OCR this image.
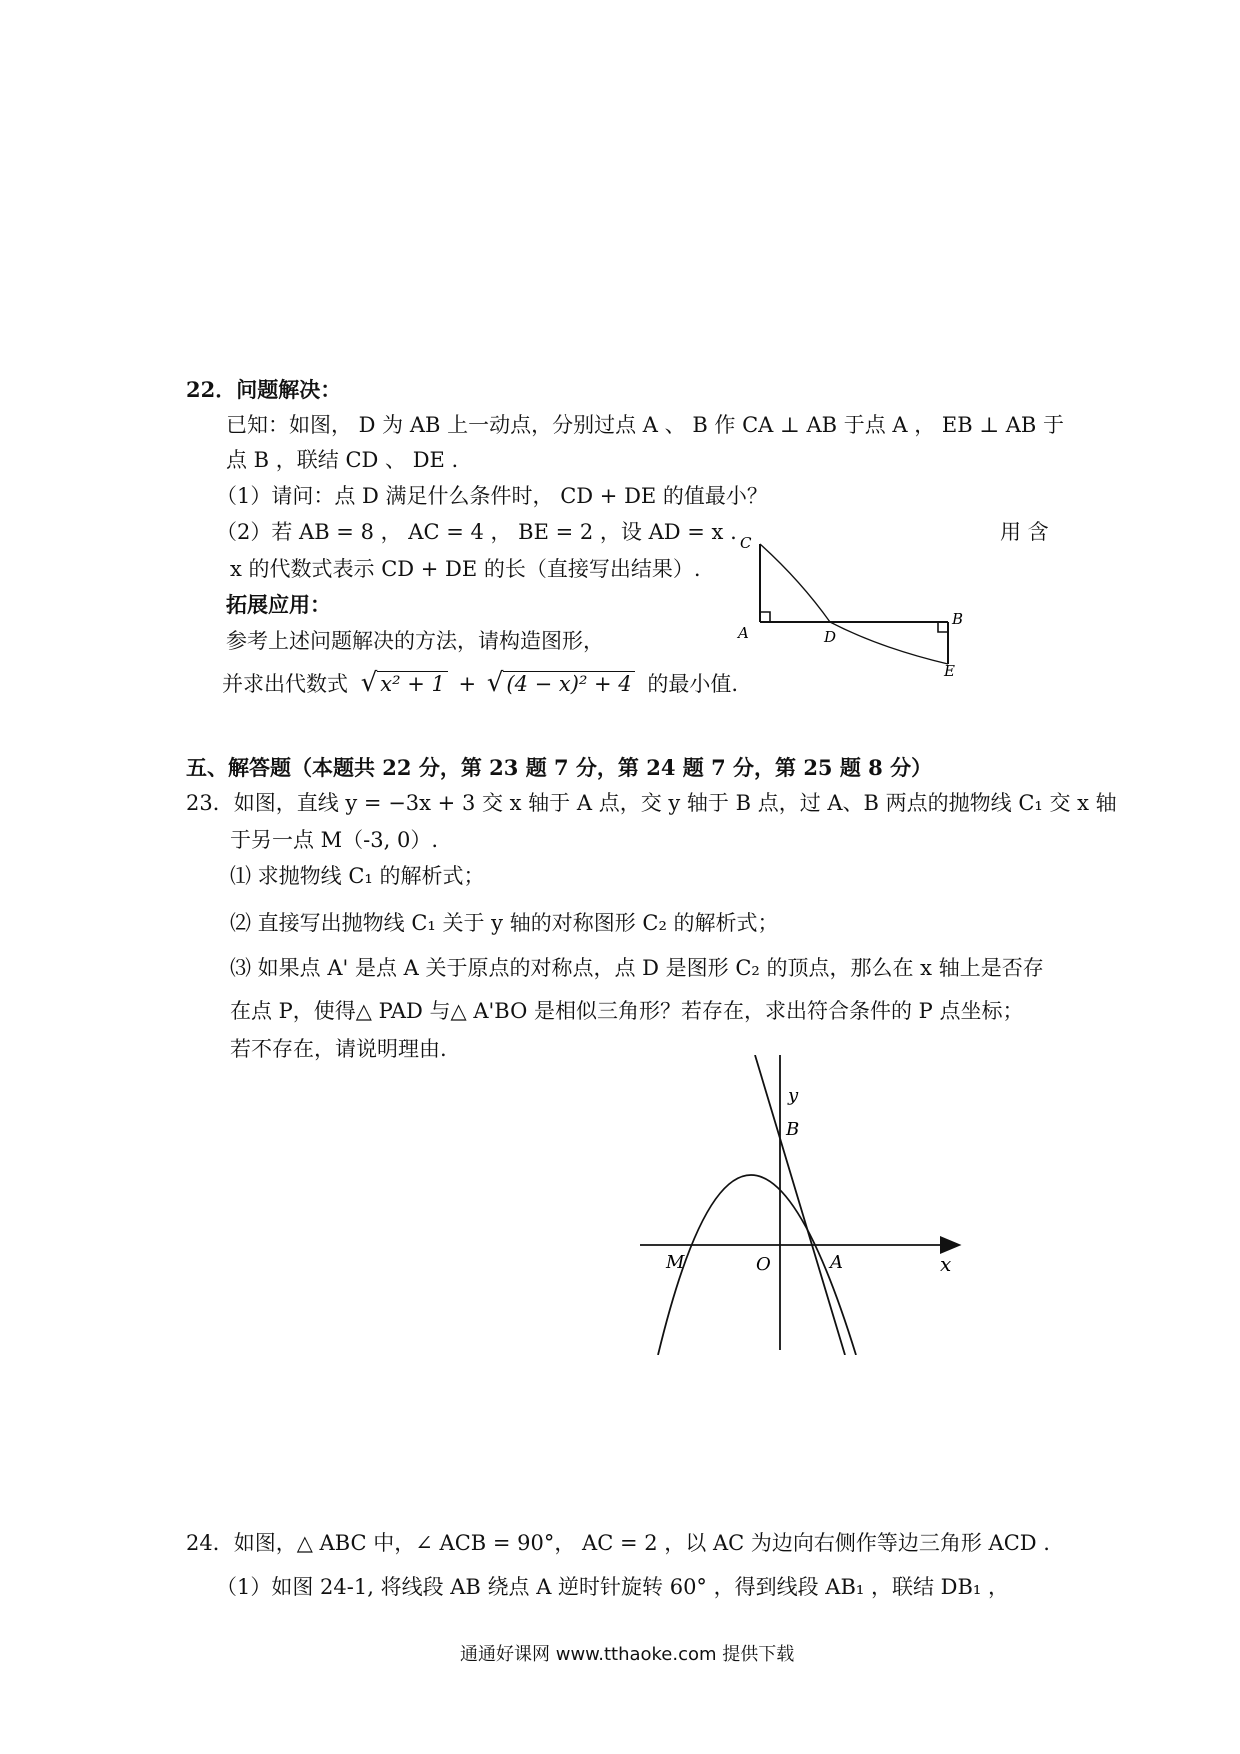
22．问题解决：
已知：如图， D 为 AB 上一动点，分别过点 A 、 B 作 CA ⊥ AB 于点 A ， EB ⊥ AB 于
点 B ，联结 CD 、 DE .
（1）请问：点 D 满足什么条件时， CD + DE 的值最小？
（2）若 AB = 8 ， AC = 4 ， BE = 2 ，设 AD = x .	用 含
x 的代数式表示 CD + DE 的长（直接写出结果）.
拓展应用：
参考上述问题解决的方法，请构造图形，
并求出代数式 √ x² + 1 + √ (4 − x)² + 4 的最小值.
C
A	D
B
E
五、解答题（本题共 22 分，第 23 题 7 分，第 24 题 7 分，第 25 题 8 分）
23．如图，直线 y = −3x + 3 交 x 轴于 A 点，交 y 轴于 B 点，过 A、B 两点的抛物线 C₁ 交 x 轴
于另一点 M（-3, 0）.
⑴ 求抛物线 C₁ 的解析式；
⑵ 直接写出抛物线 C₁ 关于 y 轴的对称图形 C₂ 的解析式；
⑶ 如果点 A' 是点 A 关于原点的对称点，点 D 是图形 C₂ 的顶点，那么在 x 轴上是否存
在点 P，使得△ PAD 与△ A'BO 是相似三角形？若存在，求出符合条件的 P 点坐标；
若不存在，请说明理由.
y
B
M	O	A	x
24．如图，△ ABC 中，∠ ACB = 90°， AC = 2 ，以 AC 为边向右侧作等边三角形 ACD .
（1）如图 24-1, 将线段 AB 绕点 A 逆时针旋转 60° ，得到线段 AB₁ ，联结 DB₁ ，
通通好课网 www.tthaoke.com 提供下载
